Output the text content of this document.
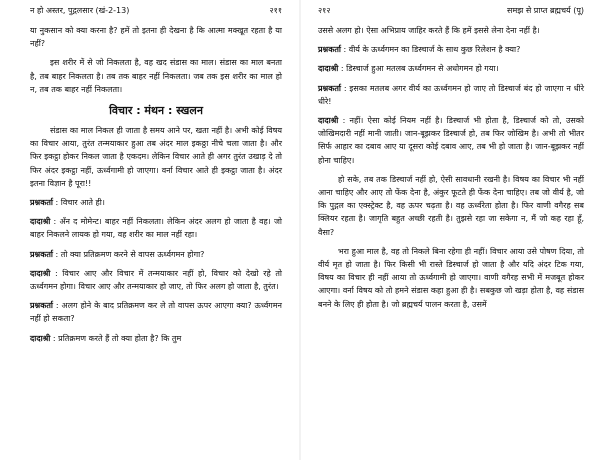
न हो अस्तर, पुद्गलसार (खं-2-13)	२११

या नुकसान को क्या करना है? हमें तो इतना ही देखना है कि आत्मा मक्खूत रहता है या नहीं?

इस शरीर में से जो निकलता है, वह खद संडास का माल। संडास का माल बनता है, तब बाहर निकलता है। तब तक बाहर नहीं निकलता। जब तक इस शरीर का माल हो न, तब तक बाहर नहीं निकलता।

विचार : मंथन : स्खलन

संडास का माल निकल ही जाता है समय आने पर, खता नहीं है। अभी कोई विषय का विचार आया, तुरंत तन्मयाकार हुआ तब अंदर माल इकठ्ठा नीचे चला जाता है। और फिर इकट्ठा होकर निकल जाता है एकदम। लेकिन विचार आते ही अगर तुरंत उखाड़ दे तो फिर अंदर इकट्ठा नहीं, ऊर्ध्वगामी हो जाएगा। वर्ना विचार आते ही इकट्ठा जाता है। अंदर इतना विज्ञान है पूरा!!

प्रश्नकर्ता : विचार आते ही।

दादाश्री : अँन द मोमेन्ट। बाहर नहीं निकलता। लेकिन अंदर अलग हो जाता है वह। जो बाहर निकलने लायक हो गया, वह शरीर का माल नहीं रहा।

प्रश्नकर्ता : तो क्या प्रतिक्रमण करने से वापस ऊर्ध्वगमन होगा?

दादाश्री : विचार आए और विचार में तन्मयाकार नहीं हो, विचार को देखो रहे तो ऊर्ध्वगमन होगा। विचार आए और तन्मयाकार हो जाए, तो फिर अलग हो जाता है, तुरंत।

प्रश्नकर्ता : अलग होने के बाद प्रतिक्रमण कर ले तो वापस ऊपर आएगा क्या? ऊर्ध्वगमन नहीं हो सकता?

दादाश्री : प्रतिक्रमण करते हैं तो क्या होता है? कि तुम

२१२	समझ से प्राप्त ब्रह्मचर्य (पू)

उससे अलग हो। ऐसा अभिप्राय जाहिर करते हैं कि हमें इससे लेना देना नहीं है।

प्रश्नकर्ता : वीर्य के ऊर्ध्वगमन का डिस्चार्ज के साथ कुछ रिलेशन है क्या?

दादाश्री : डिस्चार्ज हुआ मतलब ऊर्ध्वगमन से अधोगमन हो गया।

प्रश्नकर्ता : इसका मतलब अगर वीर्य का ऊर्ध्वगमन हो जाए तो डिस्चार्ज बंद हो जाएगा न धीरे धीरे!

दादाश्री : नहीं। ऐसा कोई नियम नहीं है। डिस्चार्ज भी होता है, डिस्चार्ज को तो, उसको जोखिमदारी नहीं मानी जाती। जान-बूझकर डिस्चार्ज हो, तब फिर जोखिम है। अभी तो भीतर सिर्फ आहार का दबाव आए या दूसरा कोई दबाव आए, तब भी हो जाता है। जान-बूझकर नहीं होना चाहिए।

हो सके, तब तक डिस्चार्ज नहीं हो, ऐसी सावधानी रखनी है। विषय का विचार भी नहीं आना चाहिए और आए तो फेंक देना है, अंकुर फूटते ही फेंक देना चाहिए। तब जो वीर्य है, जो कि पुद्गल का एक्स्ट्रेक्ट है, वह ऊपर चढ़ता है। वह ऊर्ध्वरेता होता है। फिर वाणी वगैरह सब क्लियर रहता है। जागृति बहुत अच्छी रहती है। तुझसे रहा जा सकेगा न, मैं जो कह रहा हूँ, वैसा?

भरा हुआ माल है, वह तो निकले बिना रहेगा ही नहीं। विचार आया उसे पोषण दिया, तो वीर्य मृत हो जाता है। फिर किसी भी रास्ते डिस्चार्ज हो जाता है और यदि अंदर टिक गया, विषय का विचार ही नहीं आया तो ऊर्ध्वगामी हो जाएगा। वाणी वगैरह सभी में मजबूत होकर आएगा। वर्ना विषय को तो हमने संडास कहा हुआ ही है। सबकुछ जो खड़ा होता है, वह संडास बनने के लिए ही होता है। जो ब्रह्मचर्य पालन करता है, उसमें
